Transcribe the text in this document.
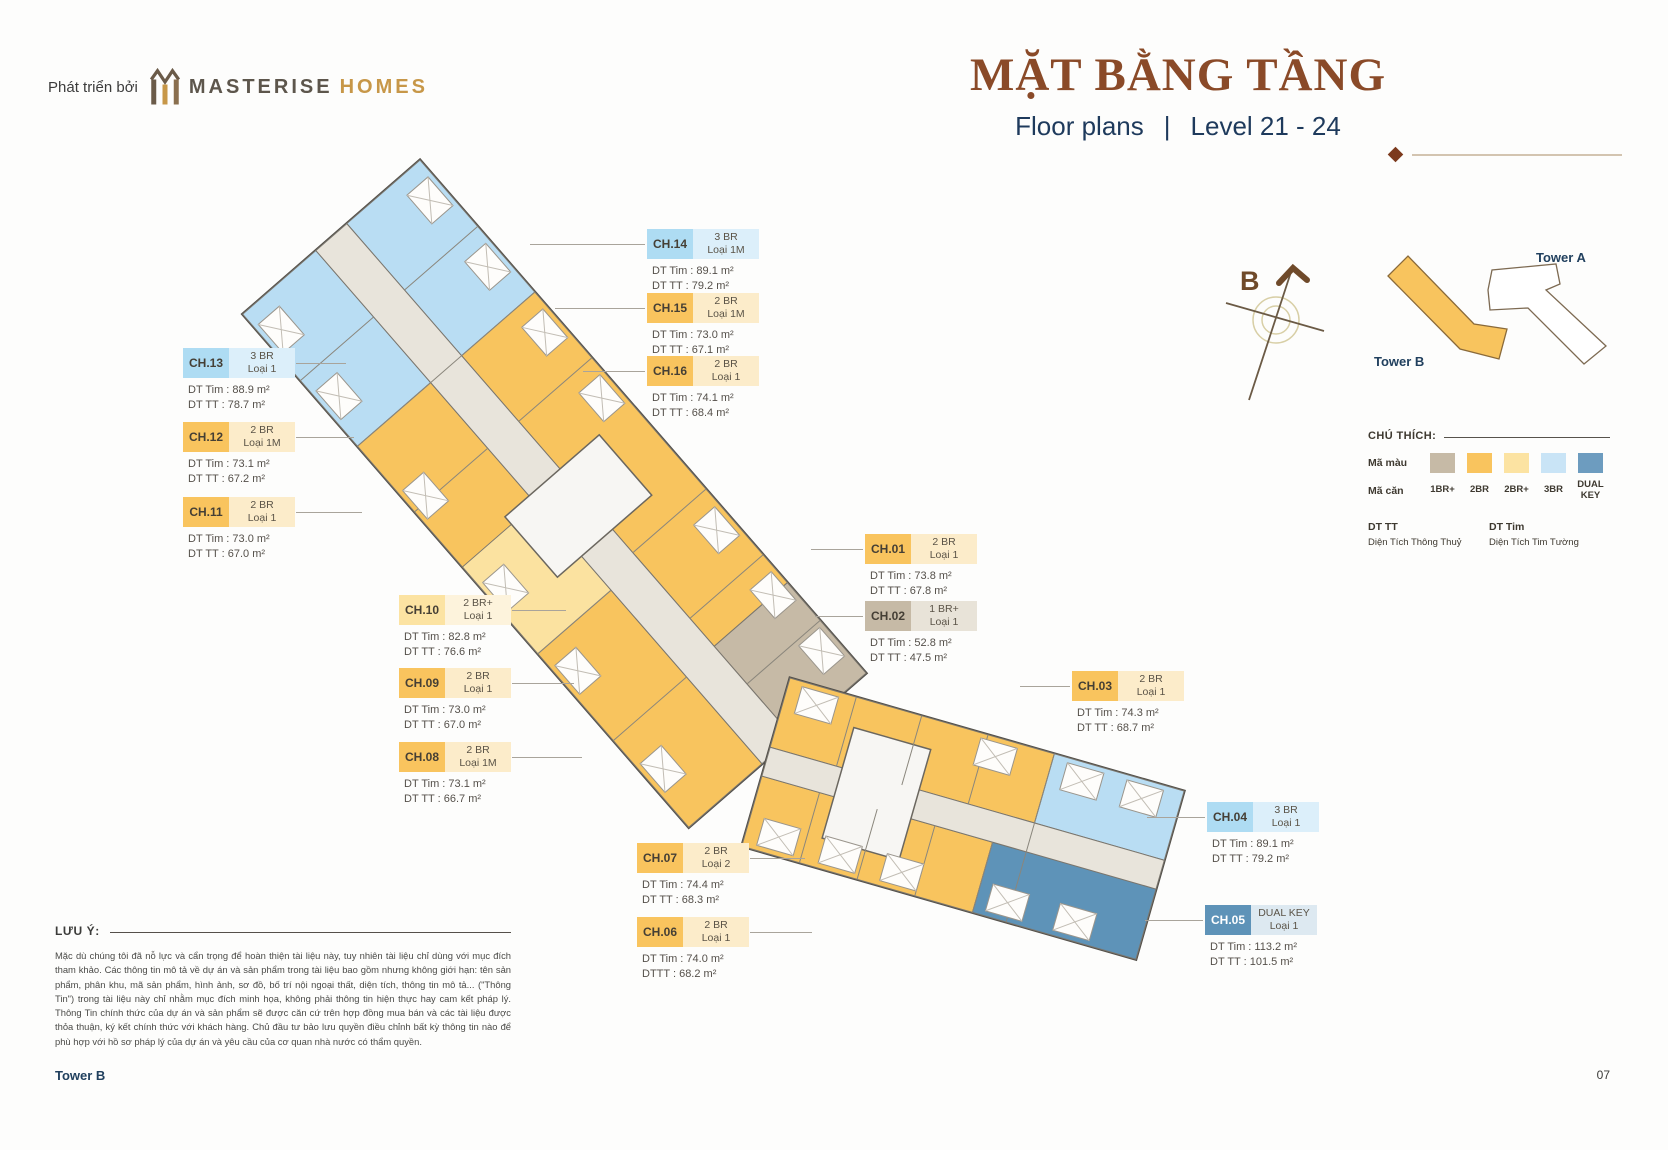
B
Tower B
Tower A
Phát triển bởi	MASTERISE HOMES	MẶT BẰNG TẦNG
Floor plans | Level 21 - 24
CHÚ THÍCH:
Mã màu
Mã căn	1BR+	2BR	2BR+	3BR	DUAL KEY
DT TT
Diện Tích Thông Thuỷ
DT Tim
Diện Tích Tim Tường
CH.14	3 BR
Loại 1M
DT Tim : 89.1 m²
DT TT : 79.2 m²
CH.15	2 BR
Loại 1M
DT Tim : 73.0 m²
DT TT : 67.1 m²
CH.16	2 BR
Loại 1
DT Tim : 74.1 m²
DT TT : 68.4 m²
CH.13	3 BR
Loại 1
DT Tim : 88.9 m²
DT TT : 78.7 m²
CH.12	2 BR
Loại 1M
DT Tim : 73.1 m²
DT TT : 67.2 m²
CH.11	2 BR
Loại 1
DT Tim : 73.0 m²
DT TT : 67.0 m²
CH.10	2 BR+
Loại 1
DT Tim : 82.8 m²
DT TT : 76.6 m²
CH.09	2 BR
Loại 1
DT Tim : 73.0 m²
DT TT : 67.0 m²
CH.08	2 BR
Loại 1M
DT Tim : 73.1 m²
DT TT : 66.7 m²
CH.01	2 BR
Loại 1
DT Tim : 73.8 m²
DT TT : 67.8 m²
CH.02	1 BR+
Loại 1
DT Tim : 52.8 m²
DT TT : 47.5 m²
CH.03	2 BR
Loại 1
DT Tim : 74.3 m²
DT TT : 68.7 m²
CH.04	3 BR
Loại 1
DT Tim : 89.1 m²
DT TT : 79.2 m²
CH.05	DUAL KEY
Loại 1
DT Tim : 113.2 m²
DT TT : 101.5 m²
CH.07	2 BR
Loại 2
DT Tim : 74.4 m²
DT TT : 68.3 m²
CH.06	2 BR
Loại 1
DT Tim : 74.0 m²
DTTT : 68.2 m²
LƯU Ý:
Mặc dù chúng tôi đã nỗ lực và cẩn trọng để hoàn thiện tài liệu này, tuy nhiên tài liệu chỉ dùng với mục đích tham khảo. Các thông tin mô tả về dự án và sản phẩm trong tài liệu bao gồm nhưng không giới hạn: tên sản phẩm, phân khu, mã sản phẩm, hình ảnh, sơ đồ, bố trí nội ngoại thất, diện tích, thông tin mô tả... ("Thông Tin") trong tài liệu này chỉ nhằm mục đích minh họa, không phải thông tin hiện thực hay cam kết pháp lý. Thông Tin chính thức của dự án và sản phẩm sẽ được căn cứ trên hợp đồng mua bán và các tài liệu được thỏa thuận, ký kết chính thức với khách hàng. Chủ đầu tư bảo lưu quyền điều chỉnh bất kỳ thông tin nào để phù hợp với hồ sơ pháp lý của dự án và yêu cầu của cơ quan nhà nước có thẩm quyền.
Tower B	07
